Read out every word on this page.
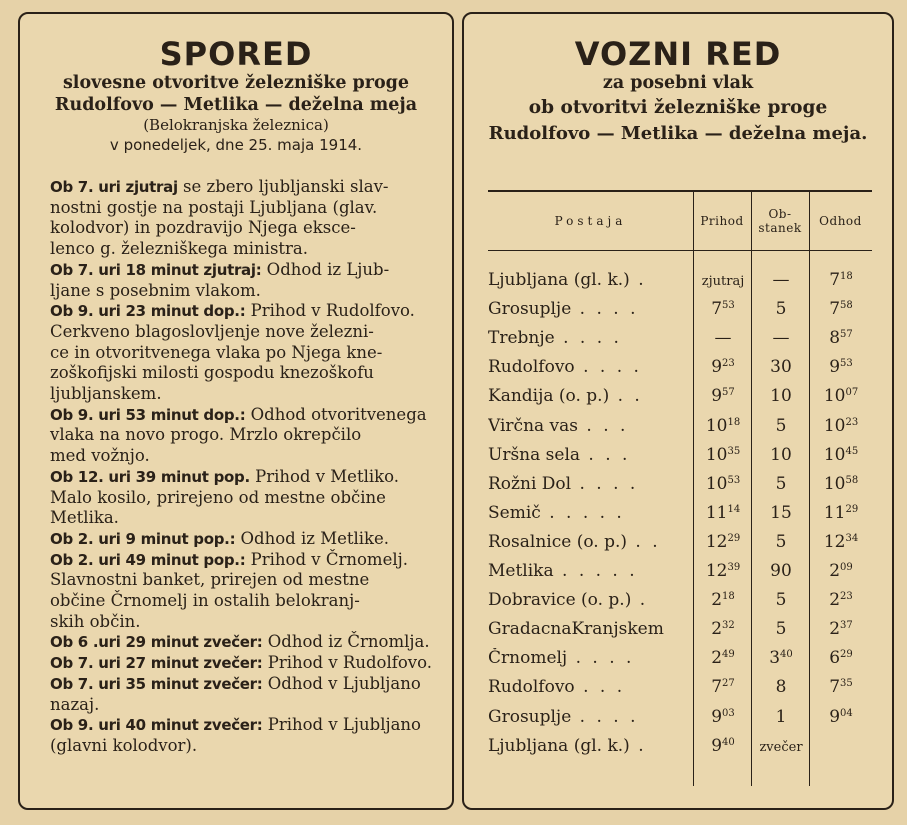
SPORED
slovesne otvoritve železniške proge
Rudolfovo — Metlika — deželna meja
(Belokranjska železnica)
v ponedeljek, dne 25. maja 1914.
Ob 7. uri zjutraj se zbero ljubljanski slav-
nostni gostje na postaji Ljubljana (glav.
kolodvor) in pozdravijo Njega eksce-
lenco g. železniškega ministra.
Ob 7. uri 18 minut zjutraj: Odhod iz Ljub-
ljane s posebnim vlakom.
Ob 9. uri 23 minut dop.: Prihod v Rudolfovo.
Cerkveno blagoslovljenje nove železni-
ce in otvoritvenega vlaka po Njega kne-
zoškofijski milosti gospodu knezoškofu
ljubljanskem.
Ob 9. uri 53 minut dop.: Odhod otvoritvenega
vlaka na novo progo. Mrzlo okrepčilo
med vožnjo.
Ob 12. uri 39 minut pop. Prihod v Metliko.
Malo kosilo, prirejeno od mestne občine
Metlika.
Ob 2. uri 9 minut pop.: Odhod iz Metlike.
Ob 2. uri 49 minut pop.: Prihod v Črnomelj.
Slavnostni banket, prirejen od mestne
občine Črnomelj in ostalih belokranj-
skih občin.
Ob 6 .uri 29 minut zvečer: Odhod iz Črnomlja.
Ob 7. uri 27 minut zvečer: Prihod v Rudolfovo.
Ob 7. uri 35 minut zvečer: Odhod v Ljubljano
nazaj.
Ob 9. uri 40 minut zvečer: Prihod v Ljubljano
(glavni kolodvor).
VOZNI RED
za posebni vlak
ob otvoritvi železniške proge
Rudolfovo — Metlika — deželna meja.
Postaja	Prihod	Ob-
stanek	Odhod
Ljubljana (gl. k.) .	zjutraj	—	$7^{18}$
Grosuplje . . . .	$7^{53}$	5	$7^{58}$
Trebnje . . . .	—	—	$8^{57}$
Rudolfovo . . . .	$9^{23}$	30	$9^{53}$
Kandija (o. p.) . .	$9^{57}$	10	$10^{07}$
Virčna vas . . .	$10^{18}$	5	$10^{23}$
Uršna sela . . .	$10^{35}$	10	$10^{45}$
Rožni Dol . . . .	$10^{53}$	5	$10^{58}$
Semič . . . . .	$11^{14}$	15	$11^{29}$
Rosalnice (o. p.) . .	$12^{29}$	5	$12^{34}$
Metlika . . . . .	$12^{39}$	90	$2^{09}$
Dobravice (o. p.) .	$2^{18}$	5	$2^{23}$
GradacnaKranjskem	$2^{32}$	5	$2^{37}$
Črnomelj . . . .	$2^{49}$	$3^{40}$	$6^{29}$
Rudolfovo . . .	$7^{27}$	8	$7^{35}$
Grosuplje . . . .	$9^{03}$	1	$9^{04}$
Ljubljana (gl. k.) .	$9^{40}$	zvečer
